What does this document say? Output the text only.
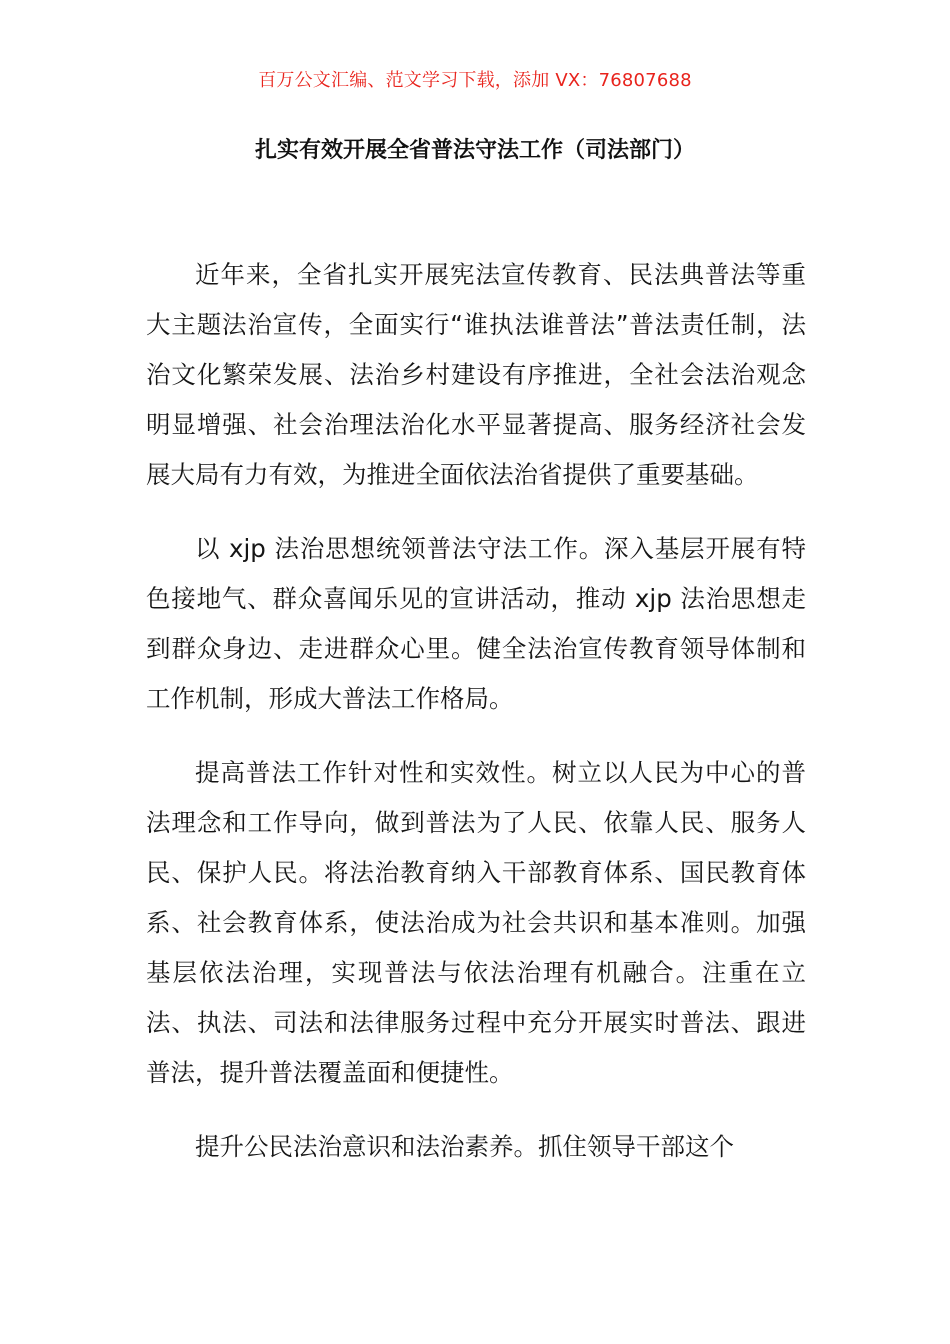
百万公文汇编、范文学习下载，添加 VX：76807688
扎实有效开展全省普法守法工作（司法部门）

近年来，全省扎实开展宪法宣传教育、民法典普法等重大主题法治宣传，全面实行“谁执法谁普法”普法责任制，法治文化繁荣发展、法治乡村建设有序推进，全社会法治观念明显增强、社会治理法治化水平显著提高、服务经济社会发展大局有力有效，为推进全面依法治省提供了重要基础。

以 xjp 法治思想统领普法守法工作。深入基层开展有特色接地气、群众喜闻乐见的宣讲活动，推动 xjp 法治思想走到群众身边、走进群众心里。健全法治宣传教育领导体制和工作机制，形成大普法工作格局。

提高普法工作针对性和实效性。树立以人民为中心的普法理念和工作导向，做到普法为了人民、依靠人民、服务人民、保护人民。将法治教育纳入干部教育体系、国民教育体系、社会教育体系，使法治成为社会共识和基本准则。加强基层依法治理，实现普法与依法治理有机融合。注重在立法、执法、司法和法律服务过程中充分开展实时普法、跟进普法，提升普法覆盖面和便捷性。

提升公民法治意识和法治素养。抓住领导干部这个
